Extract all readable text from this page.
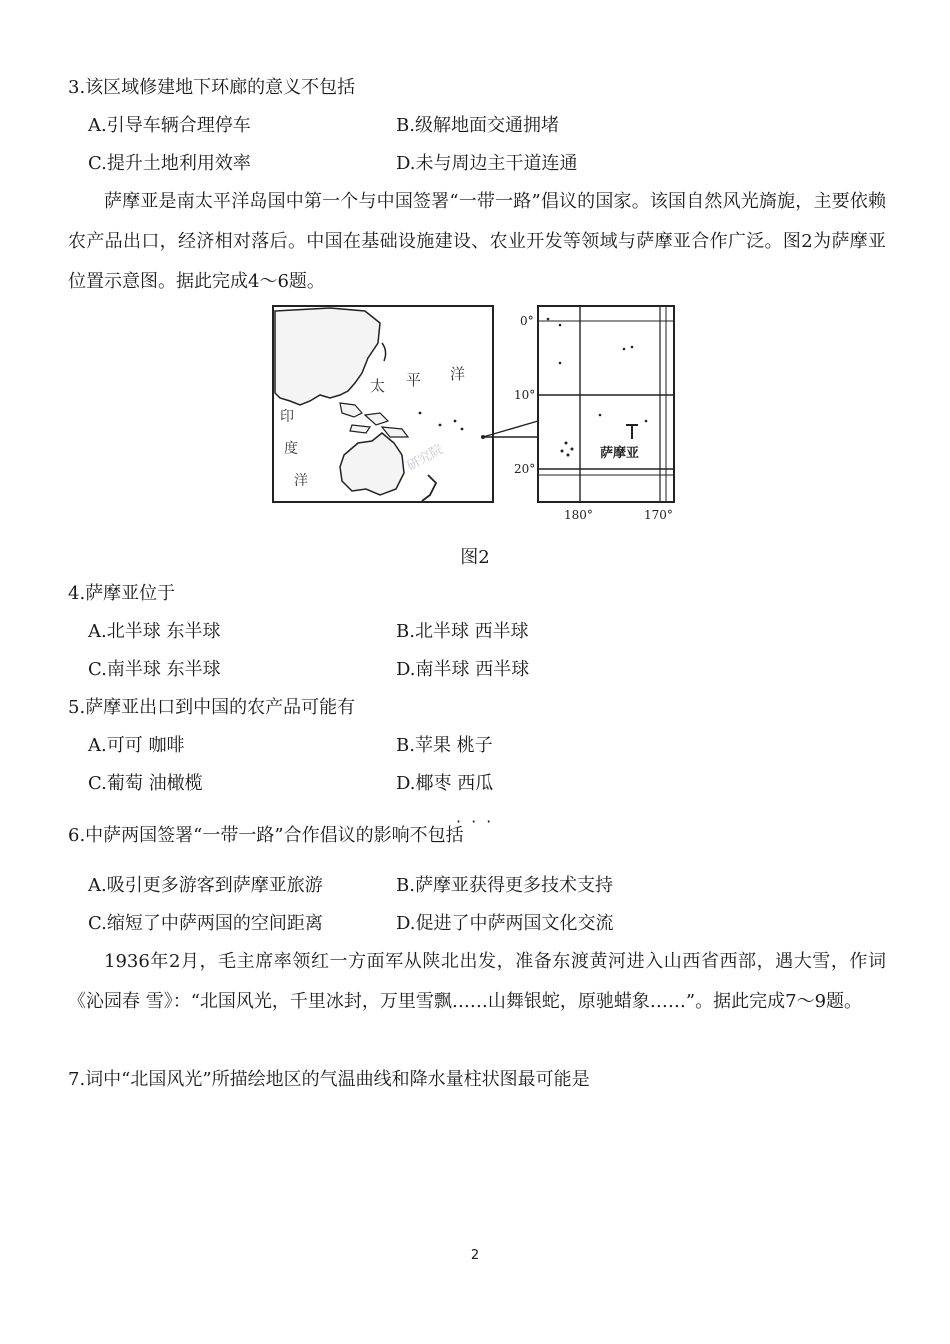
3.该区域修建地下环廊的意义不包括
A.引导车辆合理停车	B.级解地面交通拥堵
C.提升土地利用效率	D.未与周边主干道连通
萨摩亚是南太平洋岛国中第一个与中国签署“一带一路”倡议的国家。该国自然风光旖旎，主要依赖农产品出口，经济相对落后。中国在基础设施建设、农业开发等领域与萨摩亚合作广泛。图2为萨摩亚位置示意图。据此完成4～6题。
太 平 洋
印
度
洋
研究院	萨摩亚
0°
10°
20°
180°	170°
图2
4.萨摩亚位于
A.北半球 东半球	B.北半球 西半球
C.南半球 东半球	D.南半球 西半球
5.萨摩亚出口到中国的农产品可能有
A.可可 咖啡	B.苹果 桃子
C.葡萄 油橄榄	D.椰枣 西瓜
···
6.中萨两国签署“一带一路”合作倡议的影响不包括
A.吸引更多游客到萨摩亚旅游	B.萨摩亚获得更多技术支持
C.缩短了中萨两国的空间距离	D.促进了中萨两国文化交流
1936年2月，毛主席率领红一方面军从陕北出发，准备东渡黄河进入山西省西部，遇大雪，作词《沁园春 雪》：“北国风光，千里冰封，万里雪飘……山舞银蛇，原驰蜡象……”。据此完成7～9题。
7.词中“北国风光”所描绘地区的气温曲线和降水量柱状图最可能是
2
